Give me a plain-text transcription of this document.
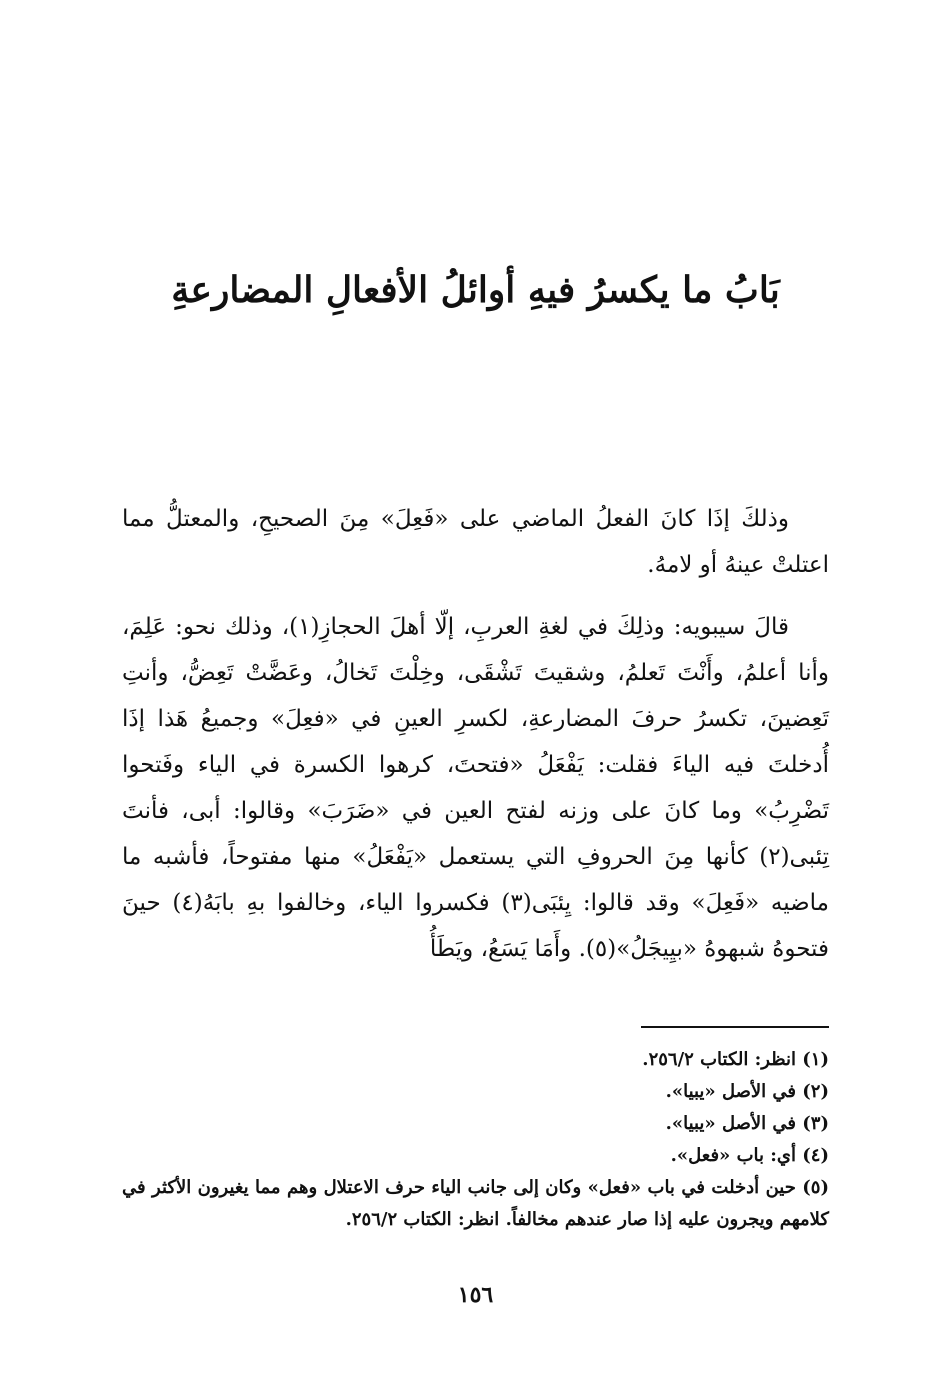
بَابُ ما يكسرُ فيهِ أوائلُ الأفعالِ المضارعةِ

وذلكَ إذَا كانَ الفعلُ الماضي على «فَعِلَ» مِنَ الصحيحِ، والمعتلُّ مما اعتلتْ عينهُ أو لامهُ.

قالَ سيبويه: وذلِكَ في لغةِ العربِ، إلّا أهلَ الحجازِ(١)، وذلك نحو: عَلِمَ، وأنا أعلمُ، وأَنْتَ تَعلمُ، وشقيتَ تَشْقَى، وخِلْتَ تَخالُ، وعَضَّتْ تَعِضُّ، وأنتِ تَعِضينَ، تكسرُ حرفَ المضارعةِ، لكسرِ العينِ في «فعِلَ» وجميعُ هَذا إذَا أُدخلتَ فيه الياءَ فقلت: يَفْعَلُ «فتحتَ، كرهوا الكسرة في الياء وفَتحوا تَضْرِبُ» وما كانَ على وزنه لفتح العين في «ضَرَبَ» وقالوا: أبى، فأنتَ تِئبى(٢) كأنها مِنَ الحروفِ التي يستعمل «يَفْعَلُ» منها مفتوحاً، فأشبه ما ماضيه «فَعِلَ» وقد قالوا: يِئبَى(٣) فكسروا الياء، وخالفوا بهِ بابَهُ(٤) حينَ فتحوهُ شبهوهُ «بيِيجَلُ»(٥). وأَمَا يَسَعُ، ويَطَأُ

(١) انظر: الكتاب ٢٥٦/٢.
(٢) في الأصل «يبيا».
(٣) في الأصل «يبيا».
(٤) أي: باب «فعل».
(٥) حين أدخلت في باب «فعل» وكان إلى جانب الياء حرف الاعتلال وهم مما يغيرون الأكثر في كلامهم ويجرون عليه إذا صار عندهم مخالفاً. انظر: الكتاب ٢٥٦/٢.
١٥٦
